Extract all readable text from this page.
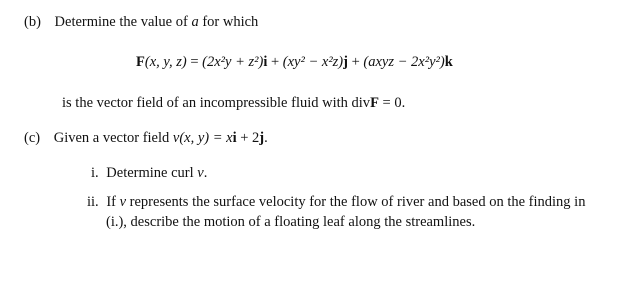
(b) Determine the value of a for which
F(x, y, z) = (2x²y + z²)i + (xy² − x²z)j + (axyz − 2x²y²)k
is the vector field of an incompressible fluid with divF = 0.
(c) Given a vector field ν(x, y) = xi + 2j.
i. Determine curl ν.
ii. If ν represents the surface velocity for the flow of river and based on the finding in
(i.), describe the motion of a floating leaf along the streamlines.
